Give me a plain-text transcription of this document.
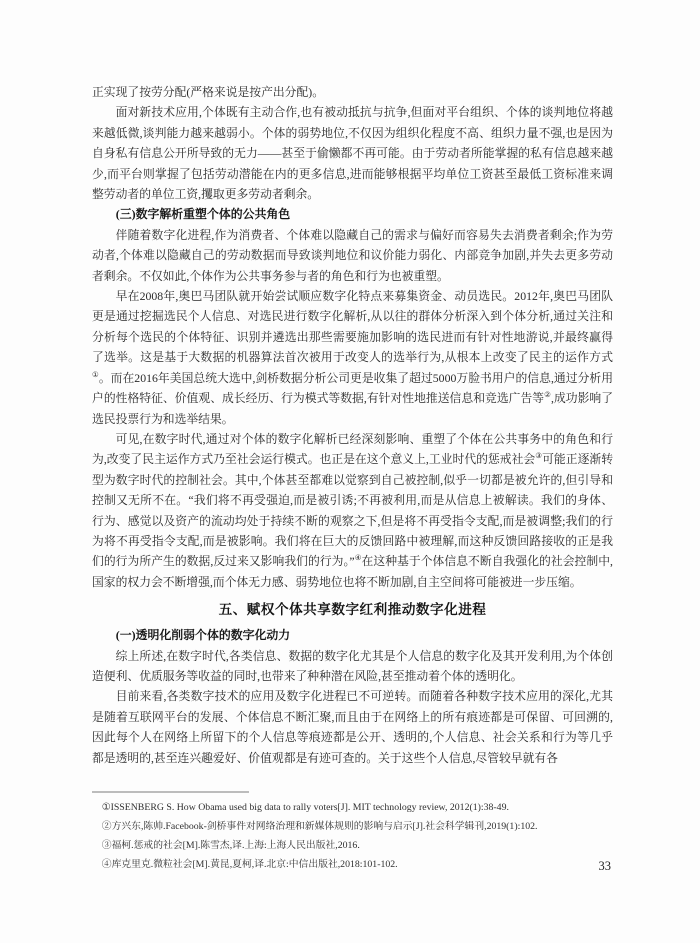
正实现了按劳分配(严格来说是按产出分配)。

面对新技术应用,个体既有主动合作,也有被动抵抗与抗争,但面对平台组织、个体的谈判地位将越来越低微,谈判能力越来越弱小。个体的弱势地位,不仅因为组织化程度不高、组织力量不强,也是因为自身私有信息公开所导致的无力——甚至于偷懒都不再可能。由于劳动者所能掌握的私有信息越来越少,而平台则掌握了包括劳动潜能在内的更多信息,进而能够根据平均单位工资甚至最低工资标准来调整劳动者的单位工资,攫取更多劳动者剩余。

(三)数字解析重塑个体的公共角色

伴随着数字化进程,作为消费者、个体难以隐藏自己的需求与偏好而容易失去消费者剩余;作为劳动者,个体难以隐藏自己的劳动数据而导致谈判地位和议价能力弱化、内部竞争加剧,并失去更多劳动者剩余。不仅如此,个体作为公共事务参与者的角色和行为也被重塑。

早在2008年,奥巴马团队就开始尝试顺应数字化特点来募集资金、动员选民。2012年,奥巴马团队更是通过挖掘选民个人信息、对选民进行数字化解析,从以往的群体分析深入到个体分析,通过关注和分析每个选民的个体特征、识别并遴选出那些需要施加影响的选民进而有针对性地游说,并最终赢得了选举。这是基于大数据的机器算法首次被用于改变人的选举行为,从根本上改变了民主的运作方式①。而在2016年美国总统大选中,剑桥数据分析公司更是收集了超过5000万脸书用户的信息,通过分析用户的性格特征、价值观、成长经历、行为模式等数据,有针对性地推送信息和竞选广告等②,成功影响了选民投票行为和选举结果。

可见,在数字时代,通过对个体的数字化解析已经深刻影响、重塑了个体在公共事务中的角色和行为,改变了民主运作方式乃至社会运行模式。也正是在这个意义上,工业时代的惩戒社会③可能正逐渐转型为数字时代的控制社会。其中,个体甚至都难以觉察到自己被控制,似乎一切都是被允许的,但引导和控制又无所不在。“我们将不再受强迫,而是被引诱;不再被利用,而是从信息上被解读。我们的身体、行为、感觉以及资产的流动均处于持续不断的观察之下,但是将不再受指令支配,而是被调整;我们的行为将不再受指令支配,而是被影响。我们将在巨大的反馈回路中被理解,而这种反馈回路接收的正是我们的行为所产生的数据,反过来又影响我们的行为。”④在这种基于个体信息不断自我强化的社会控制中,国家的权力会不断增强,而个体无力感、弱势地位也将不断加剧,自主空间将可能被进一步压缩。

五、赋权个体共享数字红利推动数字化进程
(一)透明化削弱个体的数字化动力

综上所述,在数字时代,各类信息、数据的数字化尤其是个人信息的数字化及其开发利用,为个体创造便利、优质服务等收益的同时,也带来了种种潜在风险,甚至推动着个体的透明化。

目前来看,各类数字技术的应用及数字化进程已不可逆转。而随着各种数字技术应用的深化,尤其是随着互联网平台的发展、个体信息不断汇聚,而且由于在网络上的所有痕迹都是可保留、可回溯的,因此每个人在网络上所留下的个人信息等痕迹都是公开、透明的,个人信息、社会关系和行为等几乎都是透明的,甚至连兴趣爱好、价值观都是有迹可查的。关于这些个人信息,尽管较早就有各

①ISSENBERG S. How Obama used big data to rally voters[J]. MIT technology review, 2012(1):38-49.

②方兴东,陈帅.Facebook-剑桥事件对网络治理和新媒体规则的影响与启示[J].社会科学辑刊,2019(1):102.

③福柯.惩戒的社会[M].陈雪杰,译.上海:上海人民出版社,2016.

④库克里克.微粒社会[M].黄昆,夏柯,译.北京:中信出版社,2018:101-102.	33
